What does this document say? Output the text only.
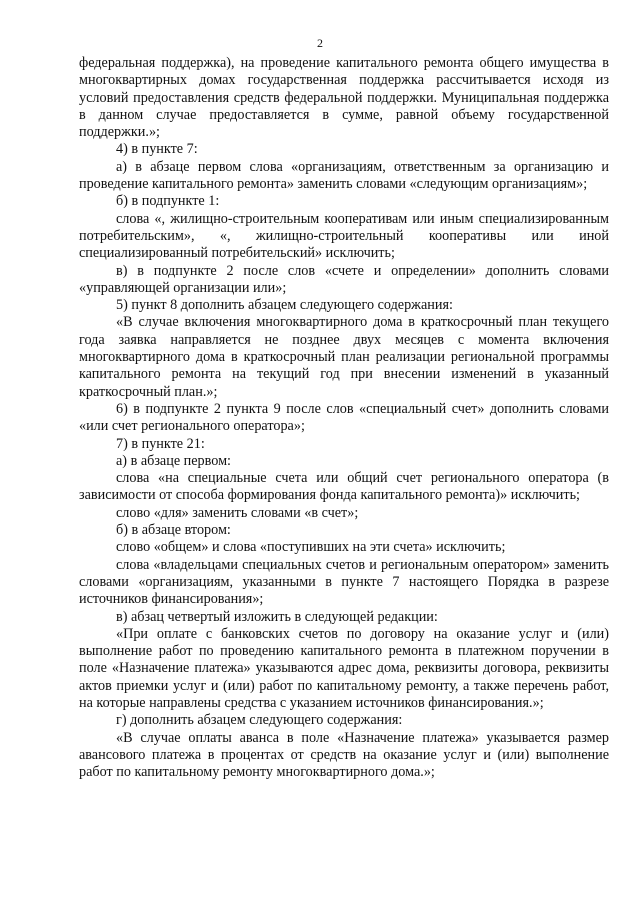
2

федеральная поддержка), на проведение капитального ремонта общего имущества в многоквартирных домах государственная поддержка рассчитывается исходя из условий предоставления средств федеральной поддержки. Муниципальная поддержка в данном случае предоставляется в сумме, равной объему государственной поддержки.»;

4) в пункте 7:

а) в абзаце первом слова «организациям, ответственным за организацию и проведение капитального ремонта» заменить словами «следующим организациям»;

б) в подпункте 1:

слова «, жилищно-строительным кооперативам или иным специализированным потребительским», «, жилищно-строительный кооперативы или иной специализированный потребительский» исключить;

в) в подпункте 2 после слов «счете и определении» дополнить словами «управляющей организации или»;

5) пункт 8 дополнить абзацем следующего содержания:

«В случае включения многоквартирного дома в краткосрочный план текущего года заявка направляется не позднее двух месяцев с момента включения многоквартирного дома в краткосрочный план реализации региональной программы капитального ремонта на текущий год при внесении изменений в указанный краткосрочный план.»;

6) в подпункте 2 пункта 9 после слов «специальный счет» дополнить словами «или счет регионального оператора»;

7) в пункте 21:

а) в абзаце первом:

слова «на специальные счета или общий счет регионального оператора (в зависимости от способа формирования фонда капитального ремонта)» исключить;

слово «для» заменить словами «в счет»;

б) в абзаце втором:

слово «общем» и слова «поступивших на эти счета» исключить;

слова «владельцами специальных счетов и региональным оператором» заменить словами «организациям, указанными в пункте 7 настоящего Порядка в разрезе источников финансирования»;

в) абзац четвертый изложить в следующей редакции:

«При оплате с банковских счетов по договору на оказание услуг и (или) выполнение работ по проведению капитального ремонта в платежном поручении в поле «Назначение платежа» указываются адрес дома, реквизиты договора, реквизиты актов приемки услуг и (или) работ по капитальному ремонту, а также перечень работ, на которые направлены средства с указанием источников финансирования.»;

г) дополнить абзацем следующего содержания:

«В случае оплаты аванса в поле «Назначение платежа» указывается размер авансового платежа в процентах от средств на оказание услуг и (или) выполнение работ по капитальному ремонту многоквартирного дома.»;
